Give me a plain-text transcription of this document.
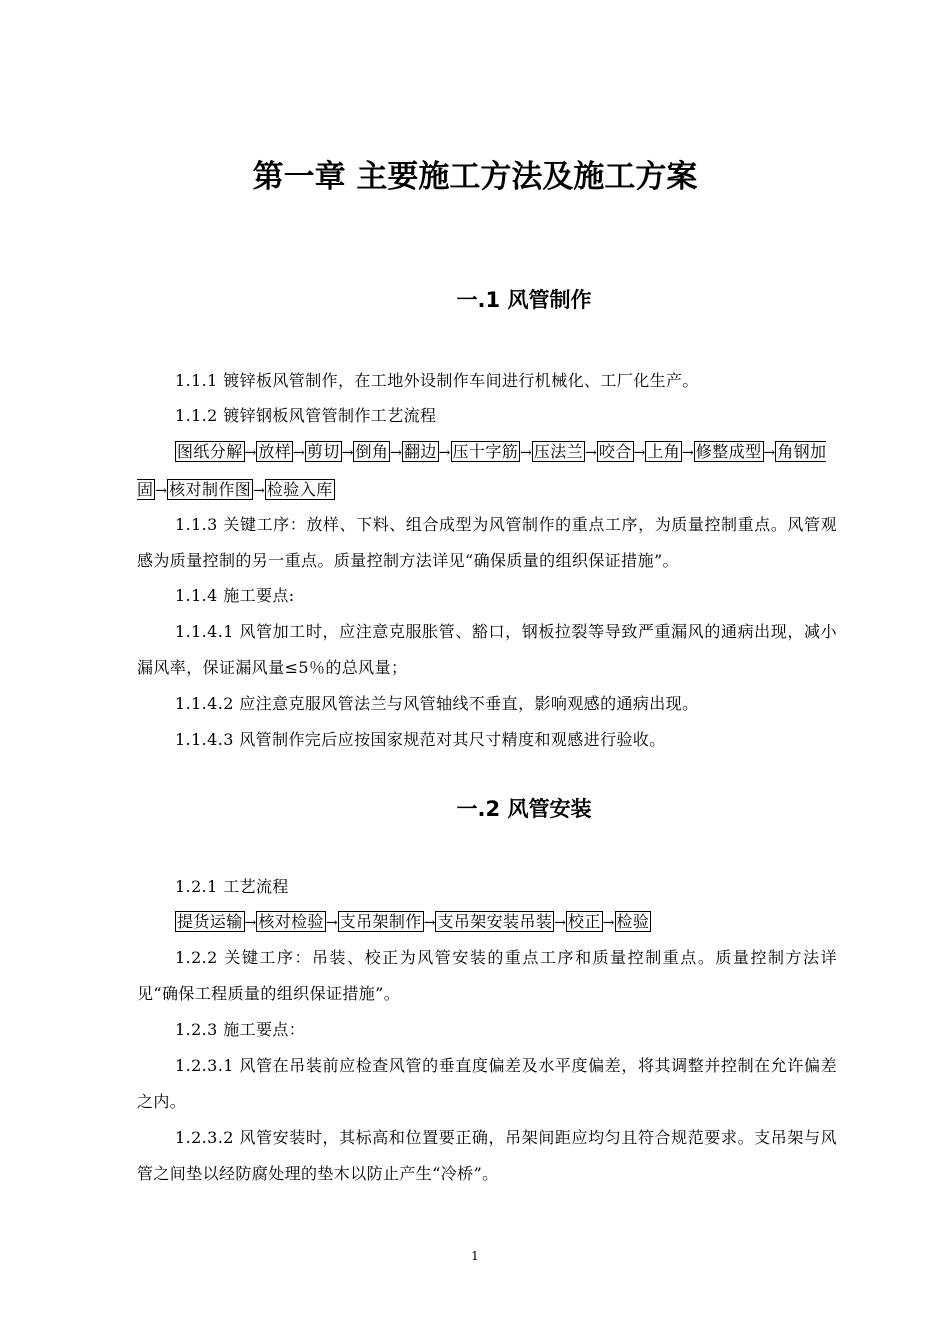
第一章 主要施工方法及施工方案
一.1 风管制作

1.1.1 镀锌板风管制作，在工地外设制作车间进行机械化、工厂化生产。

1.1.2 镀锌钢板风管管制作工艺流程

图纸分解 → 放样 → 剪切 → 倒角 → 翻边 → 压十字筋 → 压法兰 → 咬合 → 上角 → 修整成型 → 角钢加固 → 核对制作图 → 检验入库

1.1.3 关键工序：放样、下料、组合成型为风管制作的重点工序，为质量控制重点。风管观感为质量控制的另一重点。质量控制方法详见“确保质量的组织保证措施”。

1.1.4 施工要点:

1.1.4.1 风管加工时，应注意克服胀管、豁口，钢板拉裂等导致严重漏风的通病出现，减小漏风率，保证漏风量≤5％的总风量；

1.1.4.2 应注意克服风管法兰与风管轴线不垂直，影响观感的通病出现。

1.1.4.3 风管制作完后应按国家规范对其尺寸精度和观感进行验收。

一.2 风管安装

1.2.1 工艺流程

提货运输 → 核对检验 → 支吊架制作 → 支吊架安装吊装 → 校正 → 检验

1.2.2 关键工序：吊装、校正为风管安装的重点工序和质量控制重点。质量控制方法详见“确保工程质量的组织保证措施”。

1.2.3 施工要点：

1.2.3.1 风管在吊装前应检查风管的垂直度偏差及水平度偏差，将其调整并控制在允许偏差之内。

1.2.3.2 风管安装时，其标高和位置要正确，吊架间距应均匀且符合规范要求。支吊架与风管之间垫以经防腐处理的垫木以防止产生“冷桥”。

1
